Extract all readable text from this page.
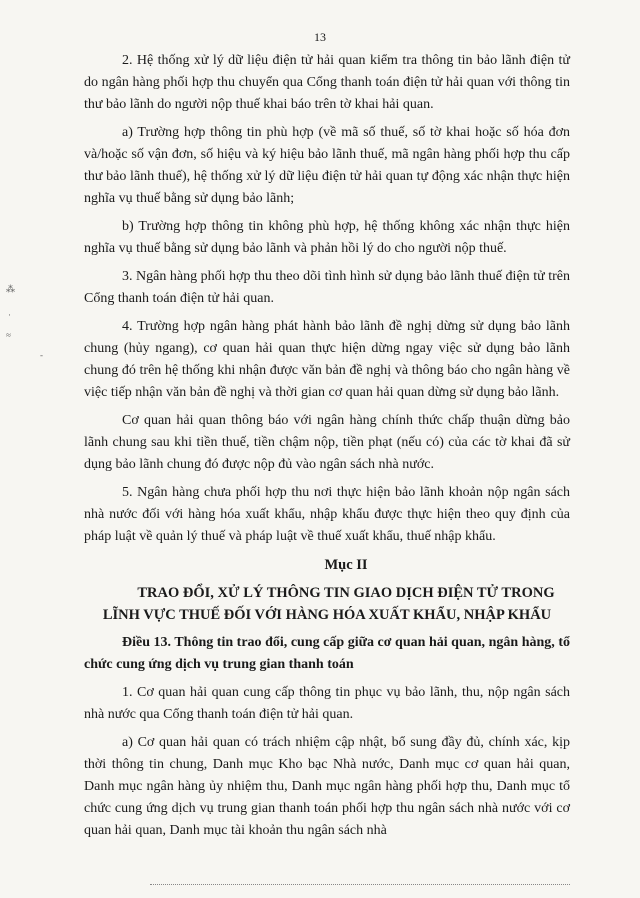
13
⁂
·
≈
‑

2. Hệ thống xử lý dữ liệu điện tử hải quan kiểm tra thông tin bảo lãnh điện tử do ngân hàng phối hợp thu chuyển qua Cổng thanh toán điện tử hải quan với thông tin thư bảo lãnh do người nộp thuế khai báo trên tờ khai hải quan.

a) Trường hợp thông tin phù hợp (về mã số thuế, số tờ khai hoặc số hóa đơn và/hoặc số vận đơn, số hiệu và ký hiệu bảo lãnh thuế, mã ngân hàng phối hợp thu cấp thư bảo lãnh thuế), hệ thống xử lý dữ liệu điện tử hải quan tự động xác nhận thực hiện nghĩa vụ thuế bằng sử dụng bảo lãnh;

b) Trường hợp thông tin không phù hợp, hệ thống không xác nhận thực hiện nghĩa vụ thuế bằng sử dụng bảo lãnh và phản hồi lý do cho người nộp thuế.

3. Ngân hàng phối hợp thu theo dõi tình hình sử dụng bảo lãnh thuế điện tử trên Cổng thanh toán điện tử hải quan.

4. Trường hợp ngân hàng phát hành bảo lãnh đề nghị dừng sử dụng bảo lãnh chung (hủy ngang), cơ quan hải quan thực hiện dừng ngay việc sử dụng bảo lãnh chung đó trên hệ thống khi nhận được văn bản đề nghị và thông báo cho ngân hàng về việc tiếp nhận văn bản đề nghị và thời gian cơ quan hải quan dừng sử dụng bảo lãnh.

Cơ quan hải quan thông báo với ngân hàng chính thức chấp thuận dừng bảo lãnh chung sau khi tiền thuế, tiền chậm nộp, tiền phạt (nếu có) của các tờ khai đã sử dụng bảo lãnh chung đó được nộp đủ vào ngân sách nhà nước.

5. Ngân hàng chưa phối hợp thu nơi thực hiện bảo lãnh khoản nộp ngân sách nhà nước đối với hàng hóa xuất khẩu, nhập khẩu được thực hiện theo quy định của pháp luật về quản lý thuế và pháp luật về thuế xuất khẩu, thuế nhập khẩu.

Mục II

TRAO ĐỔI, XỬ LÝ THÔNG TIN GIAO DỊCH ĐIỆN TỬ TRONG LĨNH VỰC THUẾ ĐỐI VỚI HÀNG HÓA XUẤT KHẨU, NHẬP KHẨU

Điều 13. Thông tin trao đổi, cung cấp giữa cơ quan hải quan, ngân hàng, tổ chức cung ứng dịch vụ trung gian thanh toán

1. Cơ quan hải quan cung cấp thông tin phục vụ bảo lãnh, thu, nộp ngân sách nhà nước qua Cổng thanh toán điện tử hải quan.

a) Cơ quan hải quan có trách nhiệm cập nhật, bổ sung đầy đủ, chính xác, kịp thời thông tin chung, Danh mục Kho bạc Nhà nước, Danh mục cơ quan hải quan, Danh mục ngân hàng ủy nhiệm thu, Danh mục ngân hàng phối hợp thu, Danh mục tổ chức cung ứng dịch vụ trung gian thanh toán phối hợp thu ngân sách nhà nước với cơ quan hải quan, Danh mục tài khoản thu ngân sách nhà
